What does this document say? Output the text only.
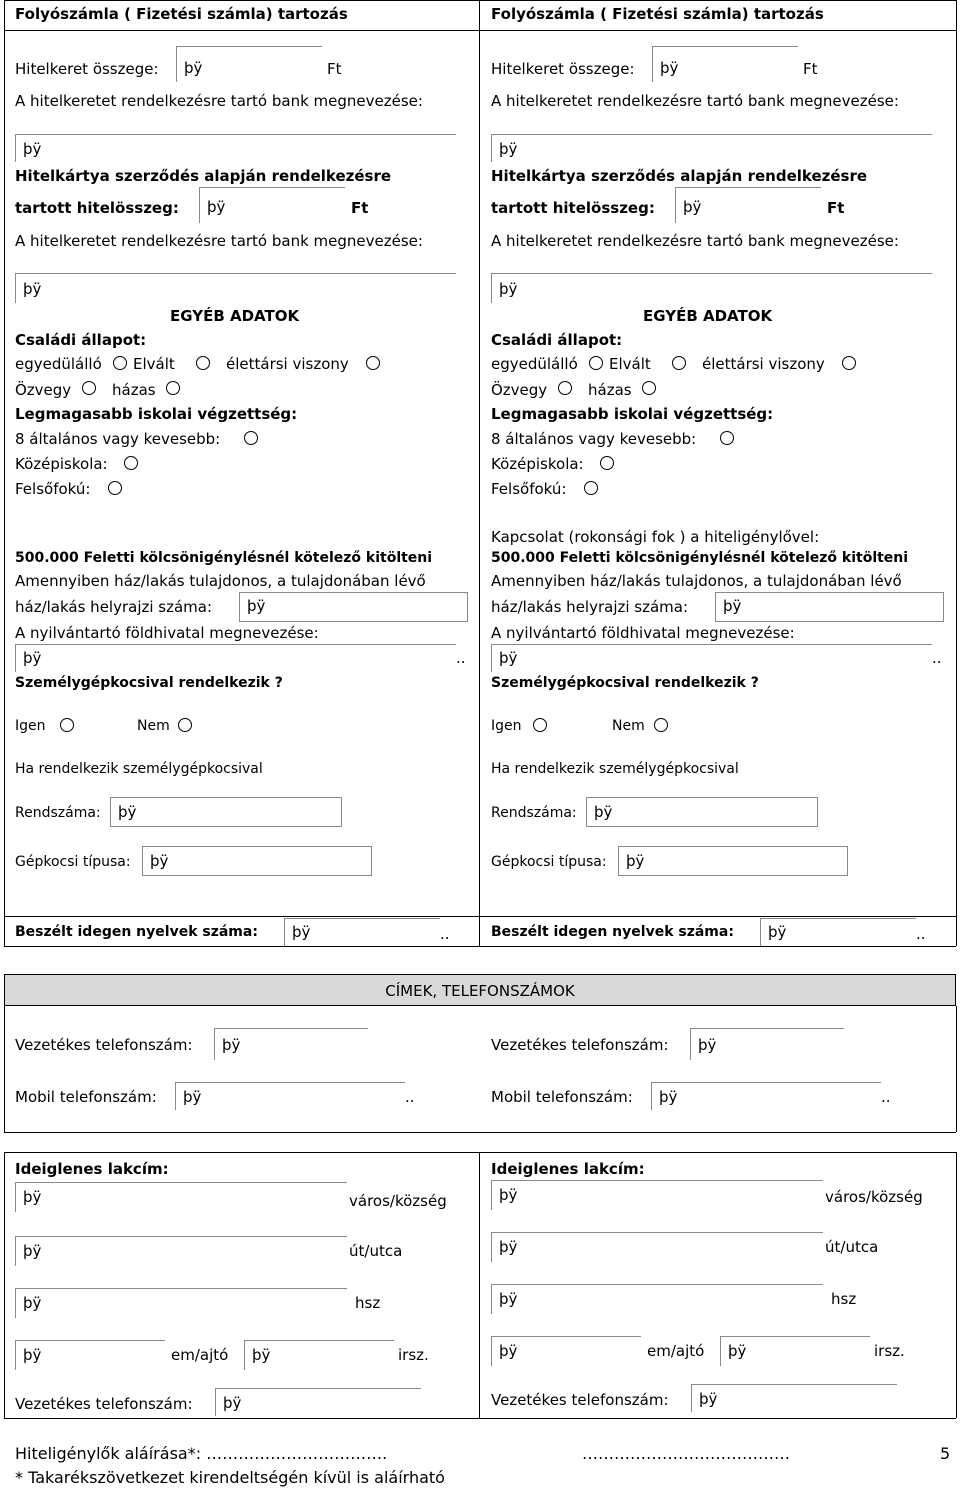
Folyószámla ( Fizetési számla) tartozás
Hitelkeret összege:	þÿ	Ft
A hitelkeretet rendelkezésre tartó bank megnevezése:
þÿ
Hitelkártya szerződés alapján rendelkezésre
tartott hitelösszeg:	þÿ	Ft
A hitelkeretet rendelkezésre tartó bank megnevezése:
þÿ
EGYÉB ADATOK
Családi állapot:
egyedülálló Elvált	élettársi viszony
Özvegy	házas
Legmagasabb iskolai végzettség:
8 általános vagy kevesebb:
Középiskola:
Felsőfokú:
500.000 Feletti kölcsönigénylésnél kötelező kitölteni
Amennyiben ház/lakás tulajdonos, a tulajdonában lévő
ház/lakás helyrajzi száma:	þÿ
A nyilvántartó földhivatal megnevezése:
þÿ	..
Személygépkocsival rendelkezik ?
Igen	Nem
Ha rendelkezik személygépkocsival
Rendszáma:	þÿ
Gépkocsi típusa:	þÿ
Beszélt idegen nyelvek száma:	þÿ	..
Folyószámla ( Fizetési számla) tartozás
Hitelkeret összege:	þÿ	Ft
A hitelkeretet rendelkezésre tartó bank megnevezése:
þÿ
Hitelkártya szerződés alapján rendelkezésre
tartott hitelösszeg:	þÿ	Ft
A hitelkeretet rendelkezésre tartó bank megnevezése:
þÿ
EGYÉB ADATOK
Családi állapot:
egyedülálló Elvált	élettársi viszony
Özvegy	házas
Legmagasabb iskolai végzettség:
8 általános vagy kevesebb:
Középiskola:
Felsőfokú:
Kapcsolat (rokonsági fok ) a hiteligénylővel:
500.000 Feletti kölcsönigénylésnél kötelező kitölteni
Amennyiben ház/lakás tulajdonos, a tulajdonában lévő
ház/lakás helyrajzi száma:	þÿ
A nyilvántartó földhivatal megnevezése:
þÿ	..
Személygépkocsival rendelkezik ?
Igen	Nem
Ha rendelkezik személygépkocsival
Rendszáma:	þÿ
Gépkocsi típusa:	þÿ
Beszélt idegen nyelvek száma:	þÿ	..
CÍMEK, TELEFONSZÁMOK
Vezetékes telefonszám:	þÿ
Mobil telefonszám:	þÿ	..
Vezetékes telefonszám:	þÿ
Mobil telefonszám:	þÿ	..
Ideiglenes lakcím:
þÿ	város/község
þÿ	út/utca
þÿ	hsz
þÿ	em/ajtó	þÿ	irsz.
Vezetékes telefonszám:	þÿ
Ideiglenes lakcím:
þÿ	város/község
þÿ	út/utca
þÿ	hsz
þÿ	em/ajtó	þÿ	irsz.
Vezetékes telefonszám:	þÿ
Hiteligénylők aláírása*: …………………………….	…………………………………	5
* Takarékszövetkezet kirendeltségén kívül is aláírható
